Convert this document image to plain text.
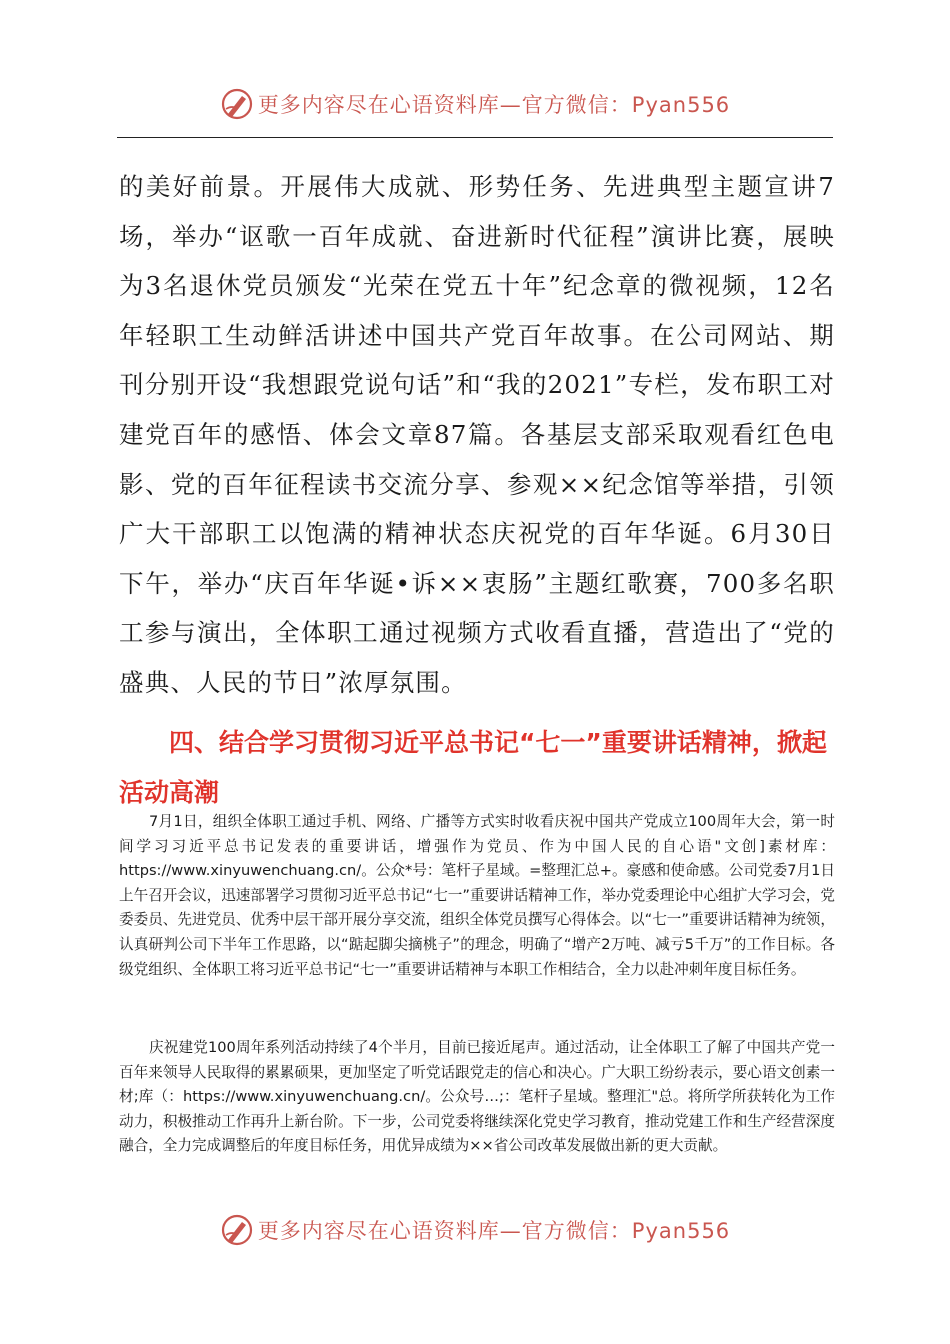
更多内容尽在心语资料库—官方微信：Pyan556

的美好前景。开展伟大成就、形势任务、先进典型主题宣讲7场，举办“讴歌一百年成就、奋进新时代征程”演讲比赛，展映为3名退休党员颁发“光荣在党五十年”纪念章的微视频，12名年轻职工生动鲜活讲述中国共产党百年故事。在公司网站、期刊分别开设“我想跟党说句话”和“我的2021”专栏，发布职工对建党百年的感悟、体会文章87篇。各基层支部采取观看红色电影、党的百年征程读书交流分享、参观××纪念馆等举措，引领广大干部职工以饱满的精神状态庆祝党的百年华诞。6月30日下午，举办“庆百年华诞•诉××衷肠”主题红歌赛，700多名职工参与演出，全体职工通过视频方式收看直播，营造出了“党的盛典、人民的节日”浓厚氛围。

四、结合学习贯彻习近平总书记“七一”重要讲话精神，掀起活动高潮

7月1日，组织全体职工通过手机、网络、广播等方式实时收看庆祝中国共产党成立100周年大会，第一时间学习习近平总书记发表的重要讲话，增强作为党员、作为中国人民的自心语"文创]素材库：https://www.xinyuwenchuang.cn/。公众*号：笔杆子星域。=整理汇总+。豪感和使命感。公司党委7月1日上午召开会议，迅速部署学习贯彻习近平总书记“七一”重要讲话精神工作，举办党委理论中心组扩大学习会，党委委员、先进党员、优秀中层干部开展分享交流，组织全体党员撰写心得体会。以“七一”重要讲话精神为统领，认真研判公司下半年工作思路，以“踮起脚尖摘桃子”的理念，明确了“增产2万吨、减亏5千万”的工作目标。各级党组织、全体职工将习近平总书记“七一”重要讲话精神与本职工作相结合，全力以赴冲刺年度目标任务。

庆祝建党100周年系列活动持续了4个半月，目前已接近尾声。通过活动，让全体职工了解了中国共产党一百年来领导人民取得的累累硕果，更加坚定了听党话跟党走的信心和决心。广大职工纷纷表示，要心语文创素一材;库（：https://www.xinyuwenchuang.cn/。公众号…;：笔杆子星域。整理汇"总。将所学所获转化为工作动力，积极推动工作再升上新台阶。下一步，公司党委将继续深化党史学习教育，推动党建工作和生产经营深度融合，全力完成调整后的年度目标任务，用优异成绩为××省公司改革发展做出新的更大贡献。

更多内容尽在心语资料库—官方微信：Pyan556
